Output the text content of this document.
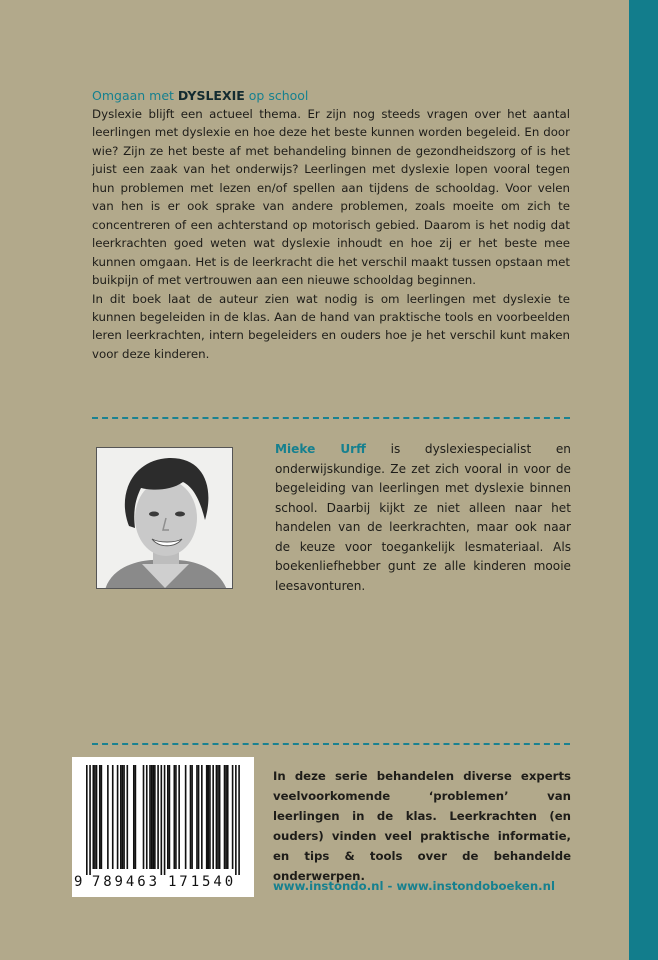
Omgaan met DYSLEXIE op school

Dyslexie blijft een actueel thema. Er zijn nog steeds vragen over het aantal leerlingen met dyslexie en hoe deze het beste kunnen worden begeleid. En door wie? Zijn ze het beste af met behandeling binnen de gezondheidszorg of is het juist een zaak van het onderwijs? Leerlingen met dyslexie lopen vooral tegen hun problemen met lezen en/of spellen aan tijdens de schooldag. Voor velen van hen is er ook sprake van andere problemen, zoals moeite om zich te concentreren of een achterstand op motorisch gebied. Daarom is het nodig dat leerkrachten goed weten wat dyslexie inhoudt en hoe zij er het beste mee kunnen omgaan. Het is de leerkracht die het verschil maakt tussen opstaan met buikpijn of met vertrouwen aan een nieuwe schooldag beginnen.

In dit boek laat de auteur zien wat nodig is om leerlingen met dyslexie te kunnen begeleiden in de klas. Aan de hand van praktische tools en voorbeelden leren leerkrachten, intern begeleiders en ouders hoe je het verschil kunt maken voor deze kinderen.

Mieke Urff is dyslexiespecialist en onderwijskundige. Ze zet zich vooral in voor de begeleiding van leerlingen met dyslexie binnen school. Daarbij kijkt ze niet alleen naar het handelen van de leerkrachten, maar ook naar de keuze voor toegankelijk lesmateriaal. Als boekenliefhebber gunt ze alle kinderen mooie leesavonturen.
9 7 8 9 4 6 3 1 7 1 5 4 0
In deze serie behandelen diverse experts veelvoorkomende ‘problemen’ van leerlingen in de klas. Leerkrachten (en ouders) vinden veel praktische informatie, en tips & tools over de behandelde onderwerpen.
www.instondo.nl - www.instondoboeken.nl
